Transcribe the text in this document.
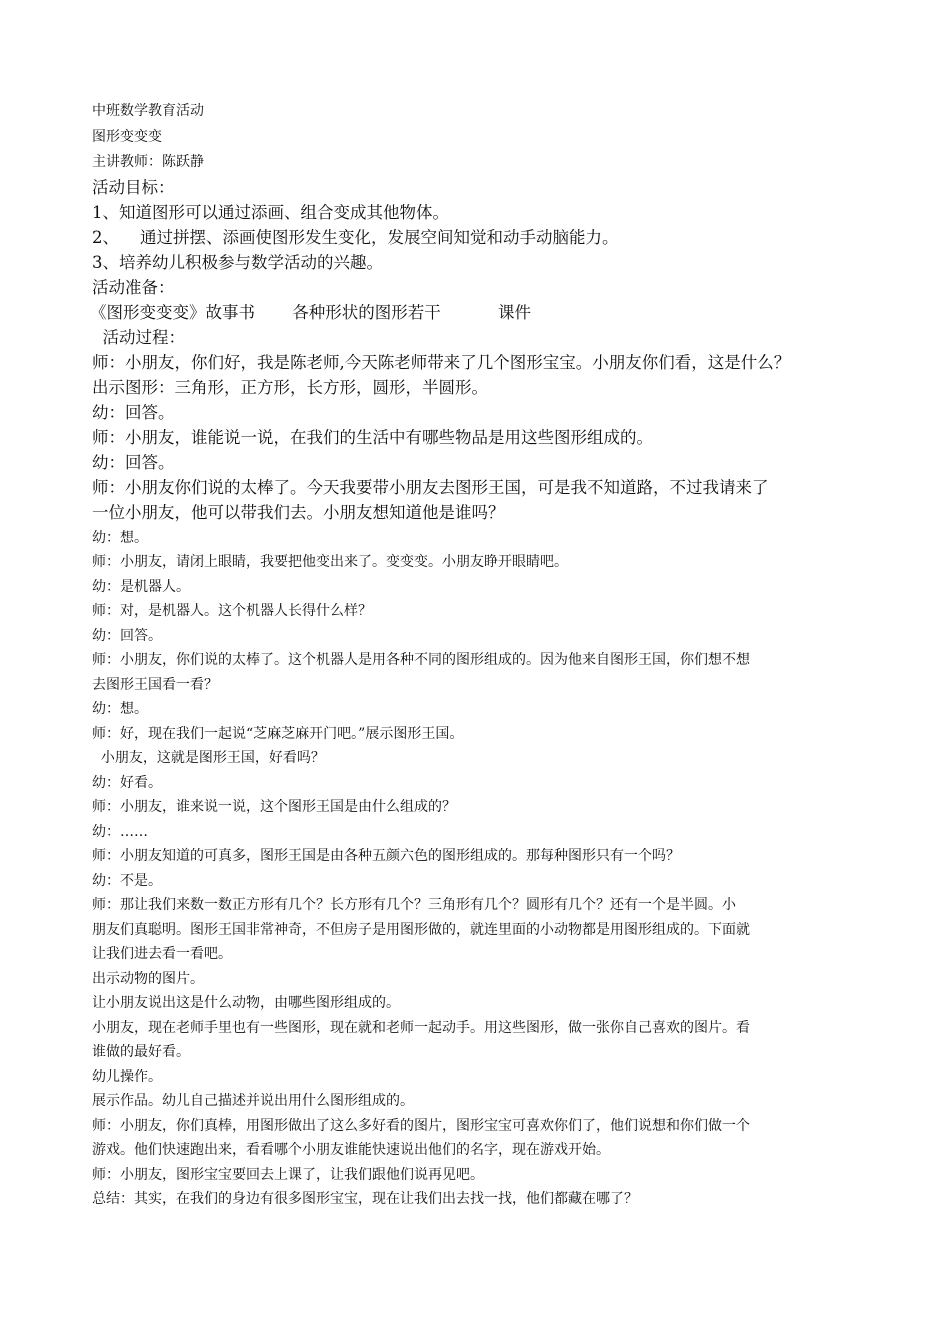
中班数学教育活动
图形变变变
主讲教师：陈跃静
活动目标：
1、知道图形可以通过添画、组合变成其他物体。
2、    通过拼摆、添画使图形发生变化，发展空间知觉和动手动脑能力。
3、培养幼儿积极参与数学活动的兴趣。
活动准备：
《图形变变变》故事书 各种形状的图形若干	课件
活动过程：
师：小朋友，你们好，我是陈老师,今天陈老师带来了几个图形宝宝。小朋友你们看，这是什么？
出示图形：三角形，正方形，长方形，圆形，半圆形。
幼：回答。
师：小朋友，谁能说一说，在我们的生活中有哪些物品是用这些图形组成的。
幼：回答。
师：小朋友你们说的太棒了。今天我要带小朋友去图形王国，可是我不知道路，不过我请来了
一位小朋友，他可以带我们去。小朋友想知道他是谁吗？
幼：想。
师：小朋友，请闭上眼睛，我要把他变出来了。变变变。小朋友睁开眼睛吧。
幼：是机器人。
师：对，是机器人。这个机器人长得什么样？
幼：回答。
师：小朋友，你们说的太棒了。这个机器人是用各种不同的图形组成的。因为他来自图形王国，你们想不想
去图形王国看一看？
幼：想。
师：好，现在我们一起说“芝麻芝麻开门吧。”展示图形王国。
小朋友，这就是图形王国，好看吗？
幼：好看。
师：小朋友，谁来说一说，这个图形王国是由什么组成的？
幼：……
师：小朋友知道的可真多，图形王国是由各种五颜六色的图形组成的。那每种图形只有一个吗？
幼：不是。
师：那让我们来数一数正方形有几个？长方形有几个？三角形有几个？圆形有几个？还有一个是半圆。小
朋友们真聪明。图形王国非常神奇，不但房子是用图形做的，就连里面的小动物都是用图形组成的。下面就
让我们进去看一看吧。
出示动物的图片。
让小朋友说出这是什么动物，由哪些图形组成的。
小朋友，现在老师手里也有一些图形，现在就和老师一起动手。用这些图形，做一张你自己喜欢的图片。看
谁做的最好看。
幼儿操作。
展示作品。幼儿自己描述并说出用什么图形组成的。
师：小朋友，你们真棒，用图形做出了这么多好看的图片，图形宝宝可喜欢你们了，他们说想和你们做一个
游戏。他们快速跑出来，看看哪个小朋友谁能快速说出他们的名字，现在游戏开始。
师：小朋友，图形宝宝要回去上课了，让我们跟他们说再见吧。
总结：其实，在我们的身边有很多图形宝宝，现在让我们出去找一找，他们都藏在哪了？
